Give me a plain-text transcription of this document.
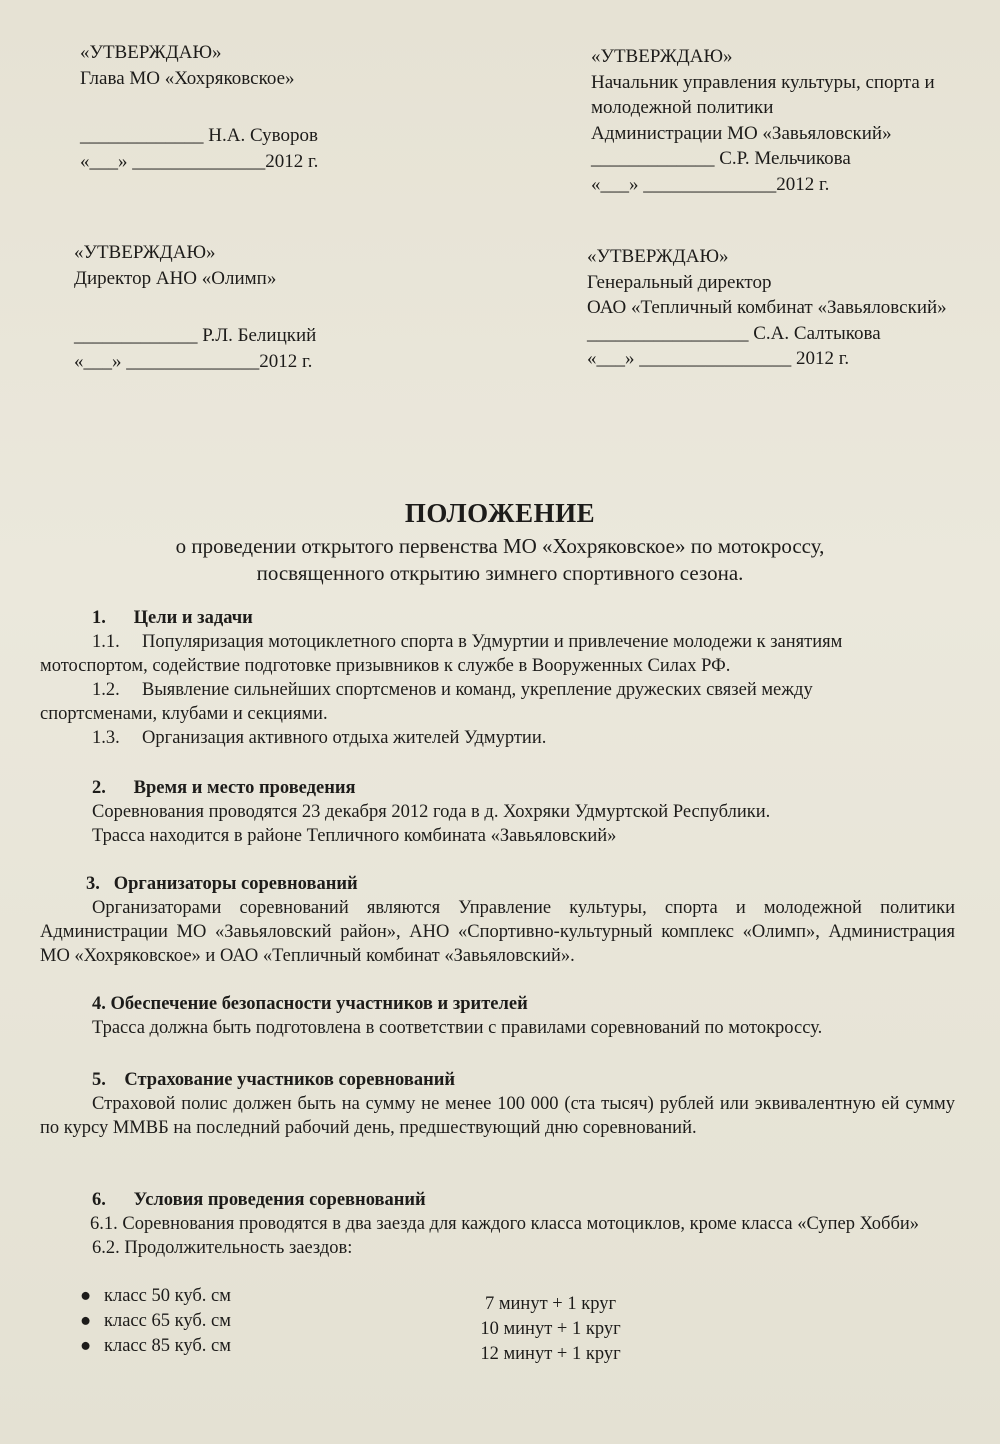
«УТВЕРЖДАЮ»
Глава МО «Хохряковское»
_____________ Н.А. Суворов
«___» ______________2012 г.
«УТВЕРЖДАЮ»
Начальник управления культуры, спорта и
молодежной политики
Администрации МО «Завьяловский»
_____________ С.Р. Мельчикова
«___» ______________2012 г.
«УТВЕРЖДАЮ»
Директор АНО «Олимп»
_____________ Р.Л. Белицкий
«___» ______________2012 г.
«УТВЕРЖДАЮ»
Генеральный директор
ОАО «Тепличный комбинат «Завьяловский»
_________________ С.А. Салтыкова
«___» ________________ 2012 г.
ПОЛОЖЕНИЕ
о проведении открытого первенства МО «Хохряковское» по мотокроссу,
посвященного открытию зимнего спортивного сезона.
1.      Цели и задачи
1.1. Популяризация мотоциклетного спорта в Удмуртии и привлечение молодежи к занятиям
мотоспортом, содействие подготовке призывников к службе в Вооруженных Силах РФ.
1.2. Выявление сильнейших спортсменов и команд, укрепление дружеских связей между
спортсменами, клубами и секциями.
1.3. Организация активного отдыха жителей Удмуртии.
2.      Время и место проведения
Соревнования проводятся 23 декабря 2012 года в д. Хохряки Удмуртской Республики.
Трасса находится в районе Тепличного комбината «Завьяловский»
3.   Организаторы соревнований
Организаторами соревнований являются Управление культуры, спорта и молодежной политики Администрации МО «Завьяловский район», АНО «Спортивно-культурный комплекс «Олимп», Администрация МО «Хохряковское» и ОАО «Тепличный комбинат «Завьяловский».
4. Обеспечение безопасности участников и зрителей
Трасса должна быть подготовлена в соответствии с правилами соревнований по мотокроссу.
5.    Страхование участников соревнований
Страховой полис должен быть на сумму не менее 100 000 (ста тысяч) рублей или эквивалентную ей сумму по курсу ММВБ на последний рабочий день, предшествующий дню соревнований.
6.      Условия проведения соревнований
6.1. Соревнования проводятся в два заезда для каждого класса мотоциклов, кроме класса «Супер Хобби»
6.2. Продолжительность заездов:
● класс 50 куб. см
● класс 65 куб. см
● класс 85 куб. см
7 минут + 1 круг
10 минут + 1 круг
12 минут + 1 круг
